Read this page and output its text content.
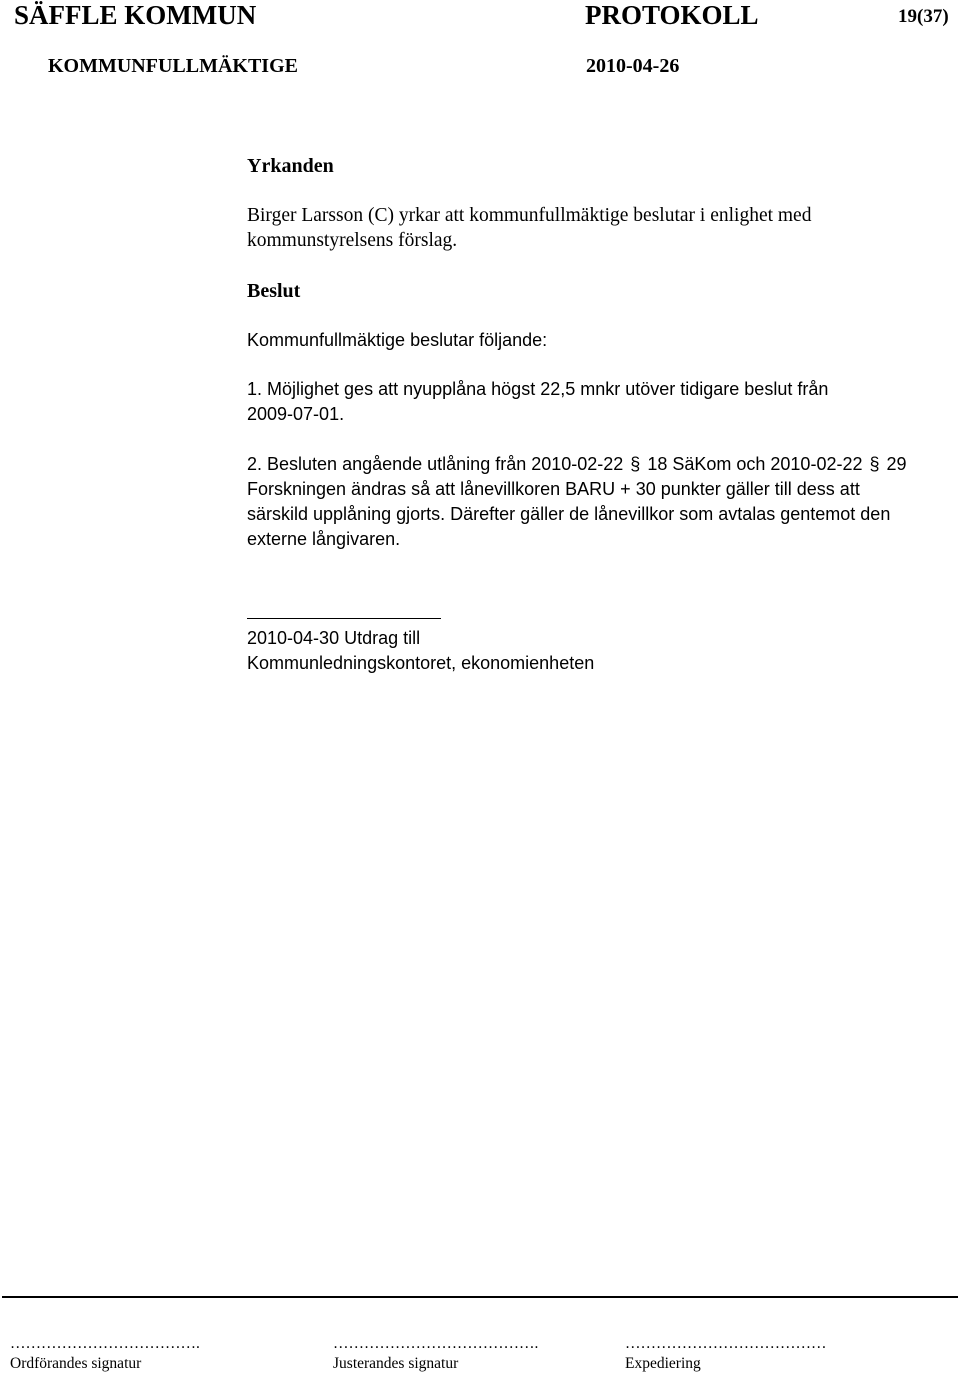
SÄFFLE KOMMUN	PROTOKOLL	19(37)
KOMMUNFULLMÄKTIGE	2010-04-26
Yrkanden
Birger Larsson (C) yrkar att kommunfullmäktige beslutar i enlighet med
kommunstyrelsens förslag.
Beslut
Kommunfullmäktige beslutar följande:
1. Möjlighet ges att nyupplåna högst 22,5 mnkr utöver tidigare beslut från
2009-07-01.
2. Besluten angående utlåning från 2010-02-22 § 18 SäKom och 2010-02-22 § 29
Forskningen ändras så att lånevillkoren BARU + 30 punkter gäller till dess att
särskild upplåning gjorts. Därefter gäller de lånevillkor som avtalas gentemot den
externe långivaren.
2010-04-30 Utdrag till
Kommunledningskontoret, ekonomienheten
……………………………….	………………………………….	…………………………………
Ordförandes signatur	Justerandes signatur	Expediering
